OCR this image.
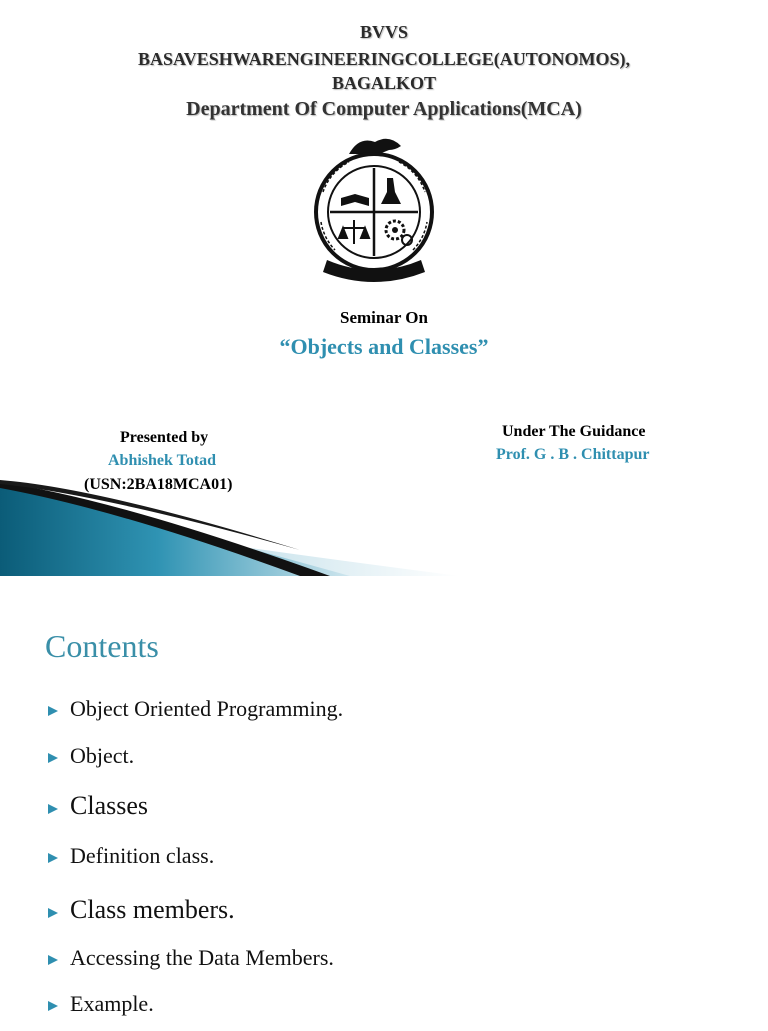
BVVS
BASAVESHWARENGINEERINGCOLLEGE(AUTONOMOS),
BAGALKOT
Department Of Computer Applications(MCA)
Seminar On
“Objects and Classes”
Presented by
Abhishek Totad
(USN:2BA18MCA01)
Under The Guidance
Prof. G . B . Chittapur
Contents
Object Oriented Programming.
Object.
Classes
Definition class.
Class members.
Accessing the Data Members.
Example.
